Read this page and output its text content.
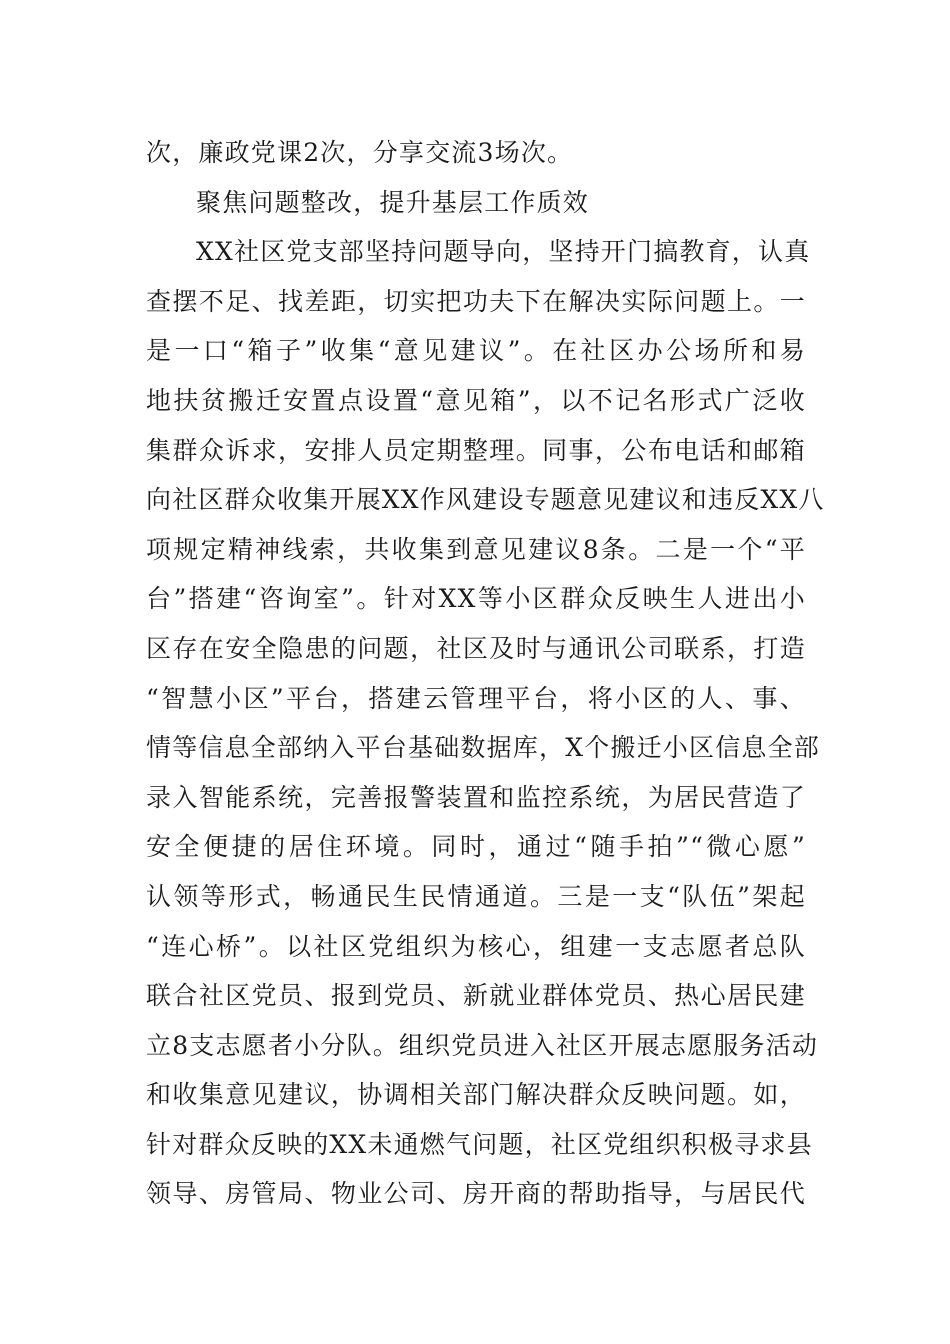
次，廉政党课2次，分享交流3场次。
聚焦问题整改，提升基层工作质效
XX社区党支部坚持问题导向，坚持开门搞教育，认真
查摆不足、找差距，切实把功夫下在解决实际问题上。一
是一口“箱子”收集“意见建议”。在社区办公场所和易
地扶贫搬迁安置点设置“意见箱”，以不记名形式广泛收
集群众诉求，安排人员定期整理。同事，公布电话和邮箱
向社区群众收集开展XX作风建设专题意见建议和违反XX八
项规定精神线索，共收集到意见建议8条。二是一个“平
台”搭建“咨询室”。针对XX等小区群众反映生人进出小
区存在安全隐患的问题，社区及时与通讯公司联系，打造
“智慧小区”平台，搭建云管理平台，将小区的人、事、
情等信息全部纳入平台基础数据库，X个搬迁小区信息全部
录入智能系统，完善报警装置和监控系统，为居民营造了
安全便捷的居住环境。同时，通过“随手拍”“微心愿”
认领等形式，畅通民生民情通道。三是一支“队伍”架起
“连心桥”。以社区党组织为核心，组建一支志愿者总队
联合社区党员、报到党员、新就业群体党员、热心居民建
立8支志愿者小分队。组织党员进入社区开展志愿服务活动
和收集意见建议，协调相关部门解决群众反映问题。如，
针对群众反映的XX未通燃气问题，社区党组织积极寻求县
领导、房管局、物业公司、房开商的帮助指导，与居民代
